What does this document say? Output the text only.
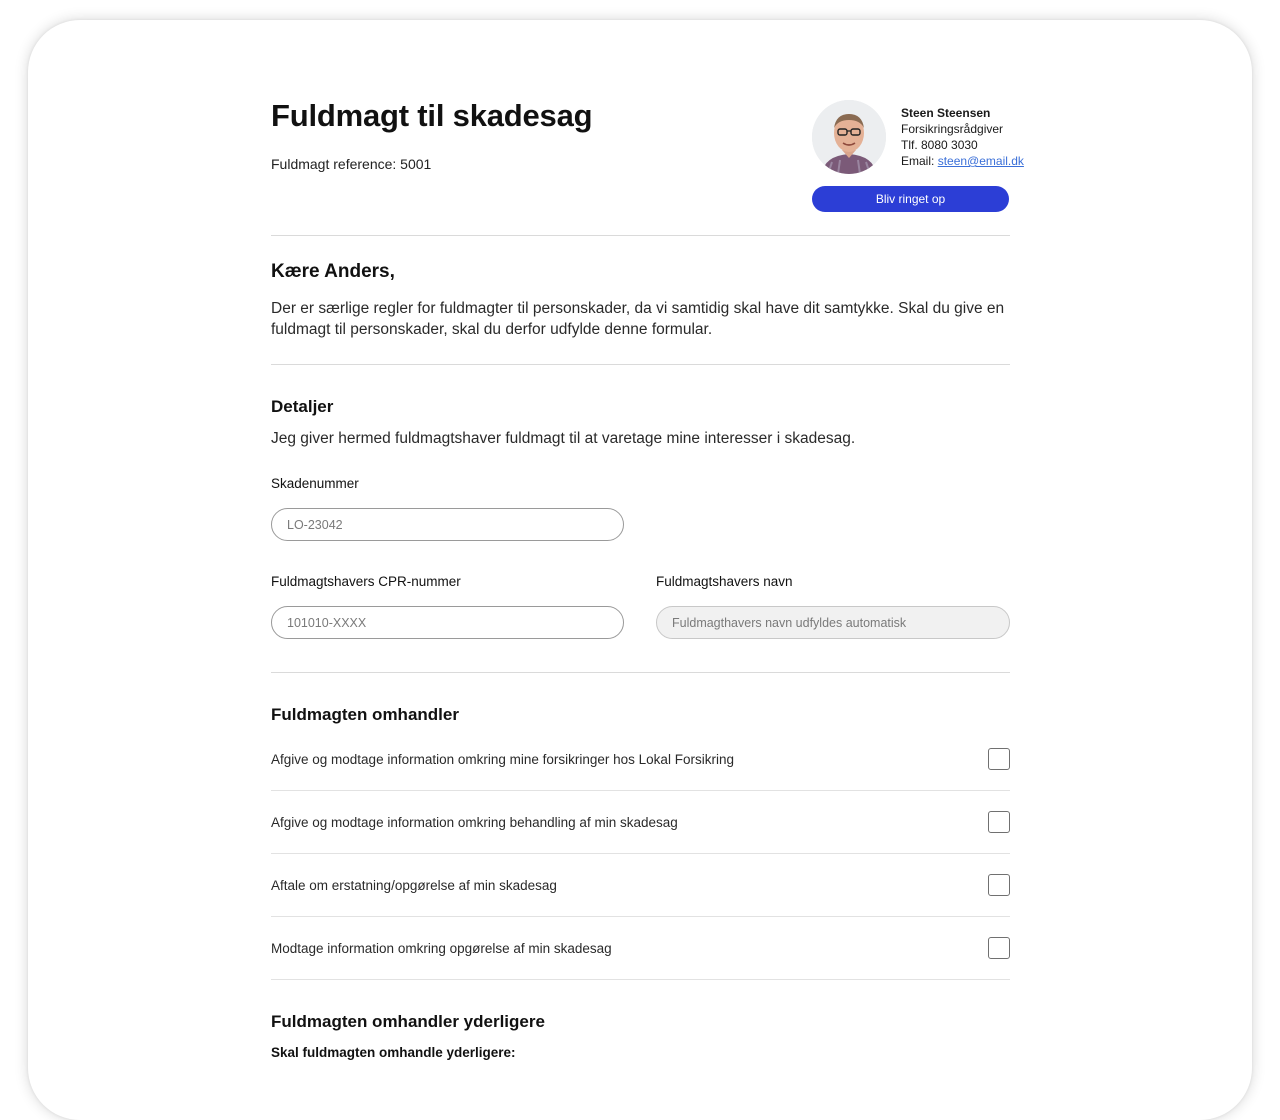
Fuldmagt til skadesag
Fuldmagt reference: 5001
Steen Steensen
Forsikringsrådgiver
Tlf. 8080 3030
Email: steen@email.dk
Bliv ringet op
Kære Anders,

Der er særlige regler for fuldmagter til personskader, da vi samtidig skal have dit samtykke. Skal du give en fuldmagt til personskader, skal du derfor udfylde denne formular.

Detaljer

Jeg giver hermed fuldmagtshaver fuldmagt til at varetage mine interesser i skadesag.

Skadenummer
LO-23042
Fuldmagtshavers CPR-nummer
101010-XXXX	Fuldmagtshavers navn
Fuldmagthavers navn udfyldes automatisk
Fuldmagten omhandler
Afgive og modtage information omkring mine forsikringer hos Lokal Forsikring
Afgive og modtage information omkring behandling af min skadesag
Aftale om erstatning/opgørelse af min skadesag
Modtage information omkring opgørelse af min skadesag
Fuldmagten omhandler yderligere
Skal fuldmagten omhandle yderligere:
